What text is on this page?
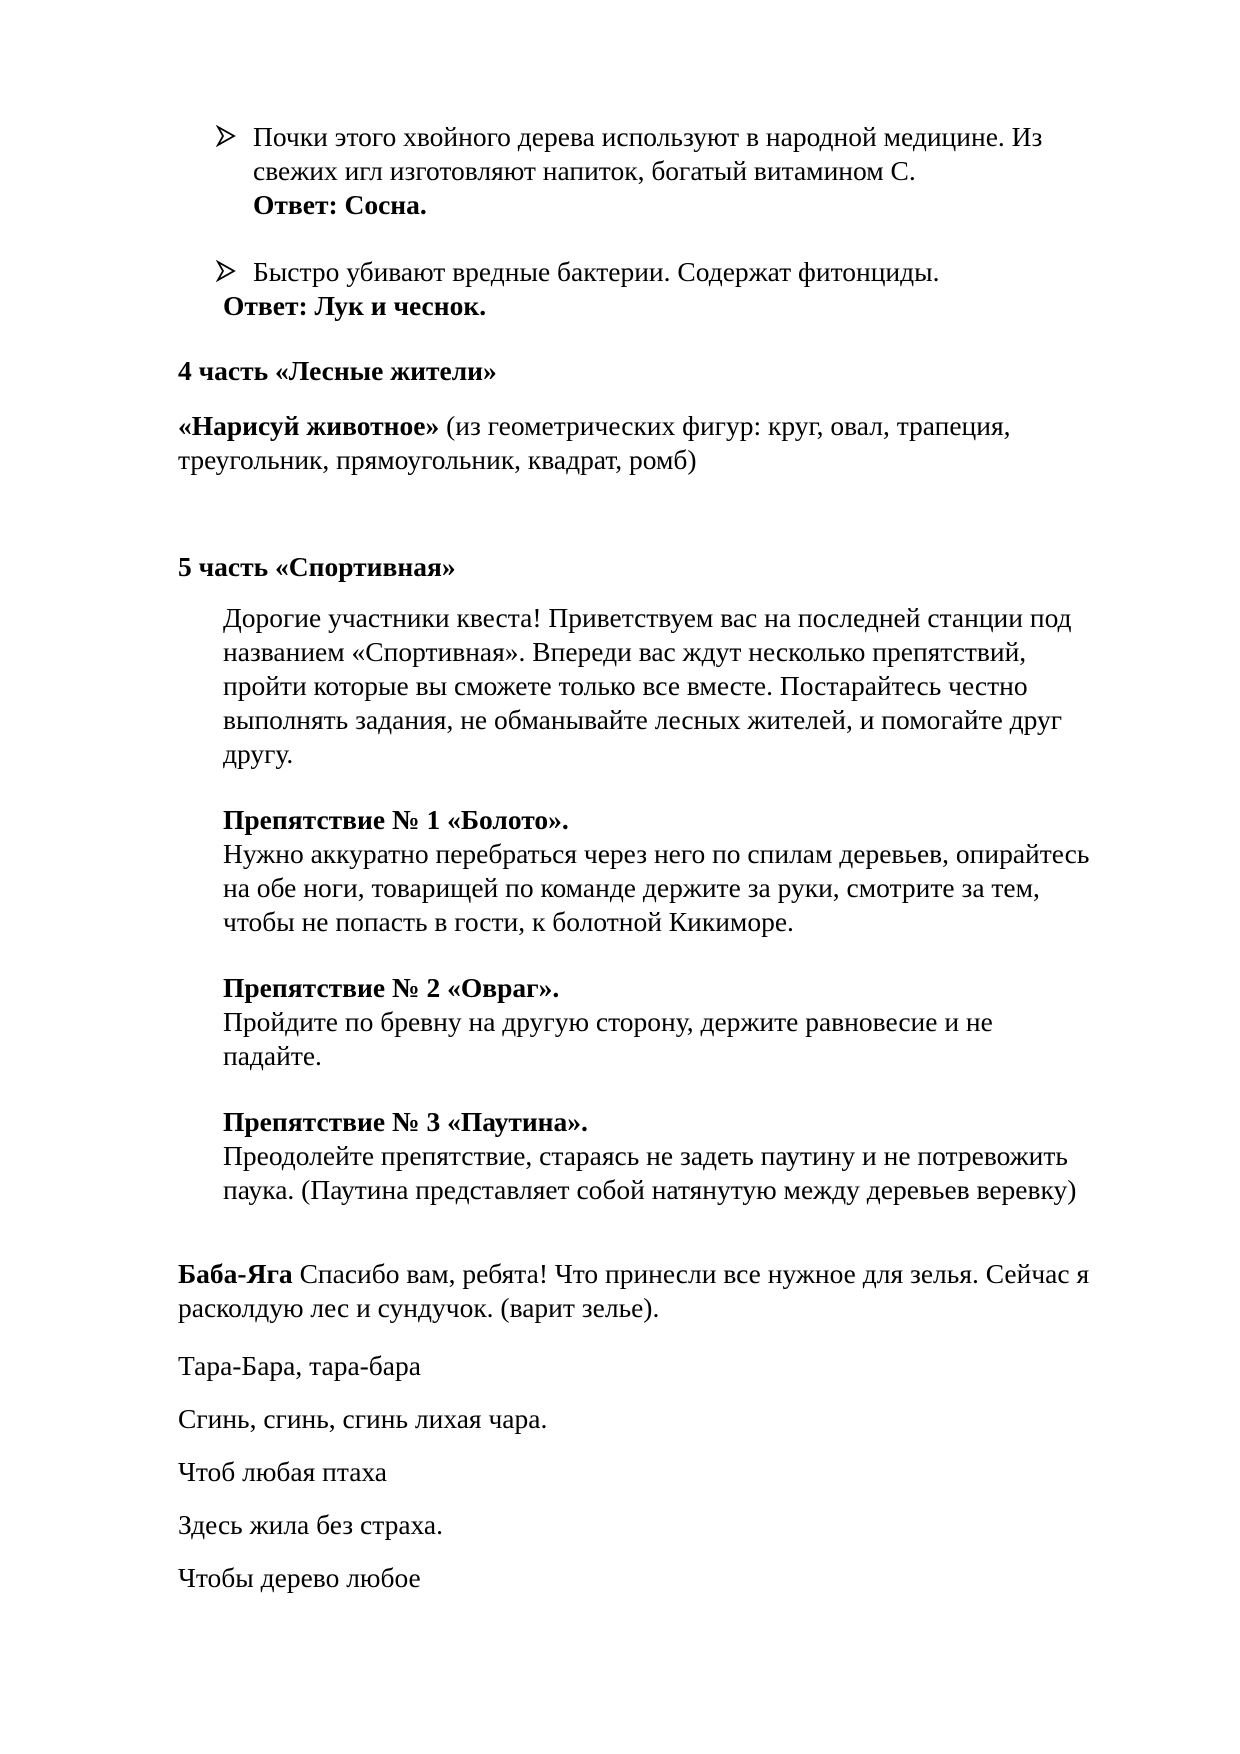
Почки этого хвойного дерева используют в народной медицине. Из

свежих игл изготовляют напиток, богатый витамином С.

Ответ: Сосна.

Быстро убивают вредные бактерии. Содержат фитонциды.

Ответ: Лук и чеснок.
4 часть «Лесные жители»

«Нарисуй животное» (из геометрических фигур: круг, овал, трапеция,

треугольник, прямоугольник, квадрат, ромб)

5 часть «Спортивная»

Дорогие участники квеста! Приветствуем вас на последней станции под

названием «Спортивная». Впереди вас ждут несколько препятствий,

пройти которые вы сможете только все вместе. Постарайтесь честно

выполнять задания, не обманывайте лесных жителей, и помогайте друг

другу.

Препятствие № 1 «Болото».

Нужно аккуратно перебраться через него по спилам деревьев, опирайтесь

на обе ноги, товарищей по команде держите за руки, смотрите за тем,

чтобы не попасть в гости, к болотной Кикиморе.

Препятствие № 2 «Овраг».

Пройдите по бревну на другую сторону, держите равновесие и не

падайте.

Препятствие № 3 «Паутина».

Преодолейте препятствие, стараясь не задеть паутину и не потревожить

паука. (Паутина представляет собой натянутую между деревьев веревку)

Баба-Яга Спасибо вам, ребята! Что принесли все нужное для зелья. Сейчас я

расколдую лес и сундучок. (варит зелье).

Тара-Бара, тара-бара
Сгинь, сгинь, сгинь лихая чара.
Чтоб любая птаха
Здесь жила без страха.
Чтобы дерево любое
